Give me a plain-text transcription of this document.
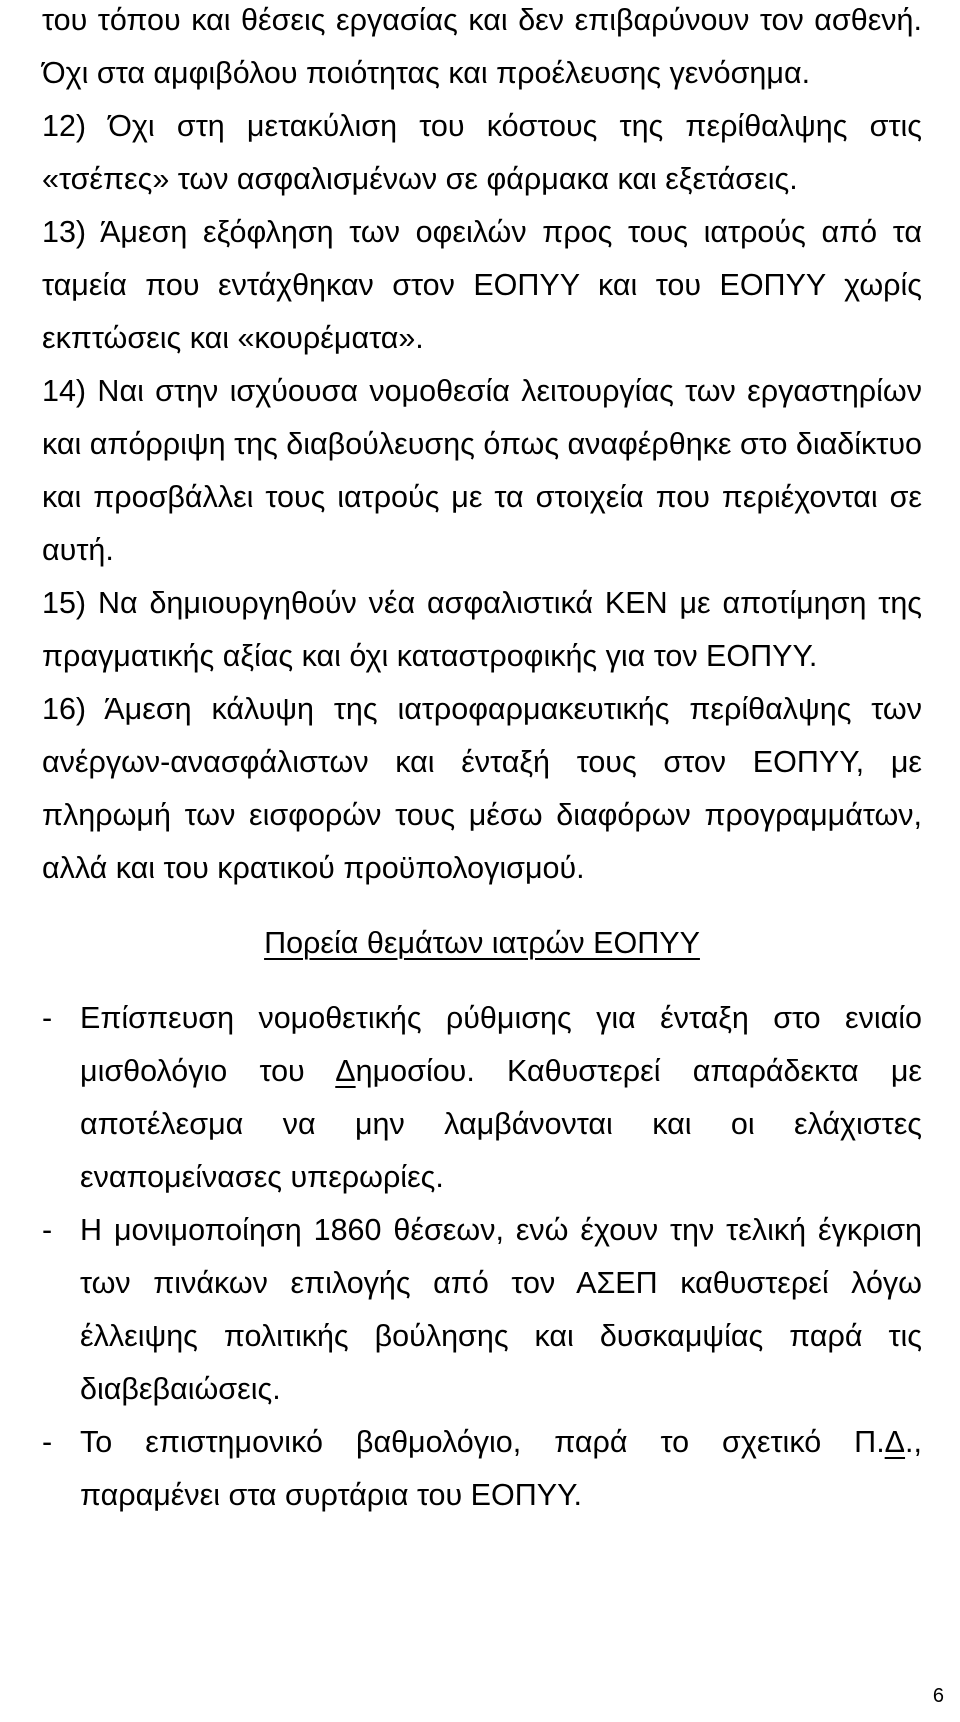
του τόπου και θέσεις εργασίας και δεν επιβαρύνουν τον ασθενή. Όχι στα αμφιβόλου ποιότητας και προέλευσης γενόσημα.

12) Όχι στη μετακύλιση του κόστους της περίθαλψης στις «τσέπες» των ασφαλισμένων σε φάρμακα και εξετάσεις.

13) Άμεση εξόφληση των οφειλών προς τους ιατρούς από τα ταμεία που εντάχθηκαν στον ΕΟΠΥΥ και του ΕΟΠΥΥ χωρίς εκπτώσεις και «κουρέματα».

14) Ναι στην ισχύουσα νομοθεσία λειτουργίας των εργαστηρίων και απόρριψη της διαβούλευσης όπως αναφέρθηκε στο διαδίκτυο και προσβάλλει τους ιατρούς με τα στοιχεία που περιέχονται σε αυτή.

15) Να δημιουργηθούν νέα ασφαλιστικά ΚΕΝ με αποτίμηση της πραγματικής αξίας και όχι καταστροφικής για τον ΕΟΠΥΥ.

16) Άμεση κάλυψη της ιατροφαρμακευτικής περίθαλψης των ανέργων-ανασφάλιστων και ένταξή τους στον ΕΟΠΥΥ, με πληρωμή των εισφορών τους μέσω διαφόρων προγραμμάτων, αλλά και του κρατικού προϋπολογισμού.

Πορεία θεμάτων ιατρών ΕΟΠΥΥ

- Επίσπευση νομοθετικής ρύθμισης για ένταξη στο ενιαίο μισθολόγιο του Δημοσίου. Καθυστερεί απαράδεκτα με αποτέλεσμα να μην λαμβάνονται και οι ελάχιστες εναπομείνασες υπερωρίες.

- Η μονιμοποίηση 1860 θέσεων, ενώ έχουν την τελική έγκριση των πινάκων επιλογής από τον ΑΣΕΠ καθυστερεί λόγω έλλειψης πολιτικής βούλησης και δυσκαμψίας παρά τις διαβεβαιώσεις.

- Το επιστημονικό βαθμολόγιο, παρά το σχετικό Π.Δ., παραμένει στα συρτάρια του ΕΟΠΥΥ.

6
